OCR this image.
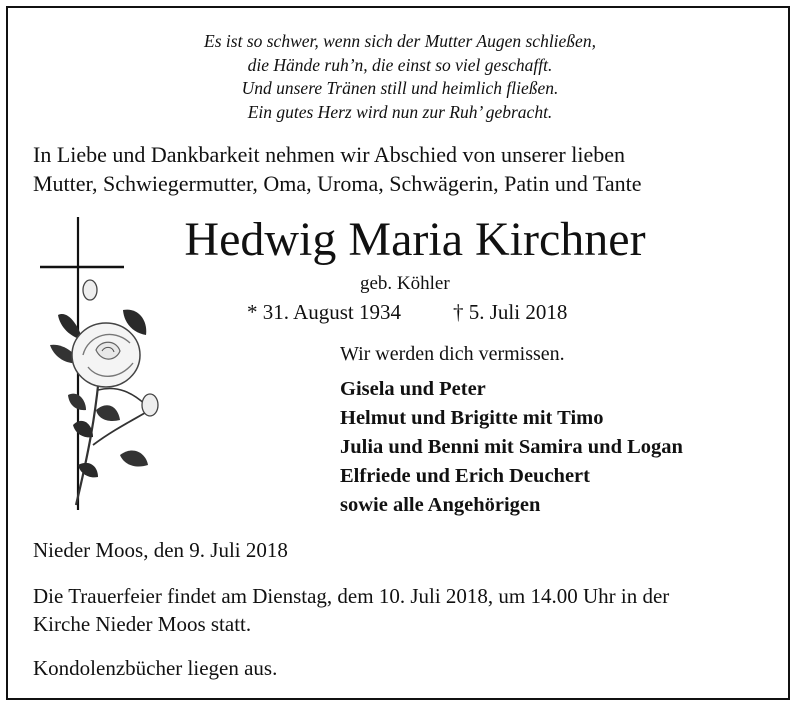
Es ist so schwer, wenn sich der Mutter Augen schließen,
die Hände ruh’n, die einst so viel geschafft.
Und unsere Tränen still und heimlich fließen.
Ein gutes Herz wird nun zur Ruh’ gebracht.
In Liebe und Dankbarkeit nehmen wir Abschied von unserer lieben
Mutter, Schwiegermutter, Oma, Uroma, Schwägerin, Patin und Tante
Hedwig Maria Kirchner
geb. Köhler
* 31. August 1934 † 5. Juli 2018
Wir werden dich vermissen.
Gisela und Peter
Helmut und Brigitte mit Timo
Julia und Benni mit Samira und Logan
Elfriede und Erich Deuchert
sowie alle Angehörigen
Nieder Moos, den 9. Juli 2018
Die Trauerfeier findet am Dienstag, dem 10. Juli 2018, um 14.00 Uhr in der
Kirche Nieder Moos statt.
Kondolenzbücher liegen aus.
